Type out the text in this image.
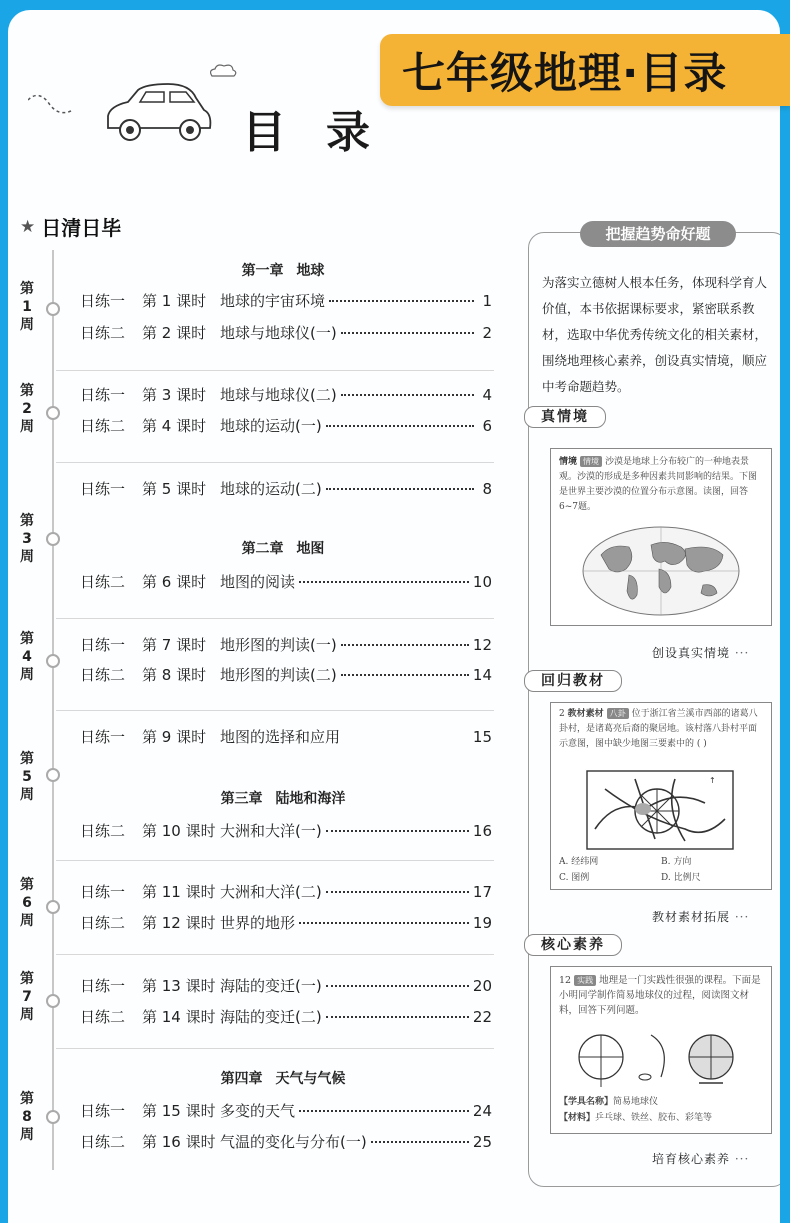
目录
★ 日清日毕
第
1
周
第
2
周
第
3
周
第
4
周
第
5
周
第
6
周
第
7
周
第
8
周
第一章 地球
第二章 地图
第三章 陆地和海洋
第四章 天气与气候
日练一	第 1 课时 地球的宇宙环境	1
日练二	第 2 课时 地球与地球仪(一)	2
日练一	第 3 课时 地球与地球仪(二)	4
日练二	第 4 课时 地球的运动(一)	6
日练一	第 5 课时 地球的运动(二)	8
日练二	第 6 课时 地图的阅读	10
日练一	第 7 课时 地形图的判读(一)	12
日练二	第 8 课时 地形图的判读(二)	14
日练一	第 9 课时 地图的选择和应用	15
日练二	第 10 课时 大洲和大洋(一)	16
日练一	第 11 课时 大洲和大洋(二)	17
日练二	第 12 课时 世界的地形	19
日练一	第 13 课时 海陆的变迁(一)	20
日练二	第 14 课时 海陆的变迁(二)	22
日练一	第 15 课时 多变的天气	24
日练二	第 16 课时 气温的变化与分布(一)	25
把握趋势命好题
为落实立德树人根本任务，体现科学育人价值，本书依据课标要求，紧密联系教材，选取中华优秀传统文化的相关素材，围绕地理核心素养，创设真实情境，顺应中考命题趋势。
真情境
情境 情境 沙漠是地球上分布较广的一种地表景观。沙漠的形成是多种因素共同影响的结果。下图是世界主要沙漠的位置分布示意图。读图，回答6~7题。
创设真实情境 ···
回归教材
2 教材素材 八卦 位于浙江省兰溪市西部的诸葛八卦村，是诸葛亮后裔的聚居地。该村落八卦村平面示意图，图中缺少地图三要素中的 ( )
↑
A. 经纬网	B. 方向
C. 图例	D. 比例尺
教材素材拓展 ···
核心素养
12 实践 地理是一门实践性很强的课程。下面是小明同学制作简易地球仪的过程，阅读图文材料，回答下列问题。
【学具名称】简易地球仪
【材料】乒乓球、铁丝、胶布、彩笔等
培育核心素养 ···
七年级地理·目录
